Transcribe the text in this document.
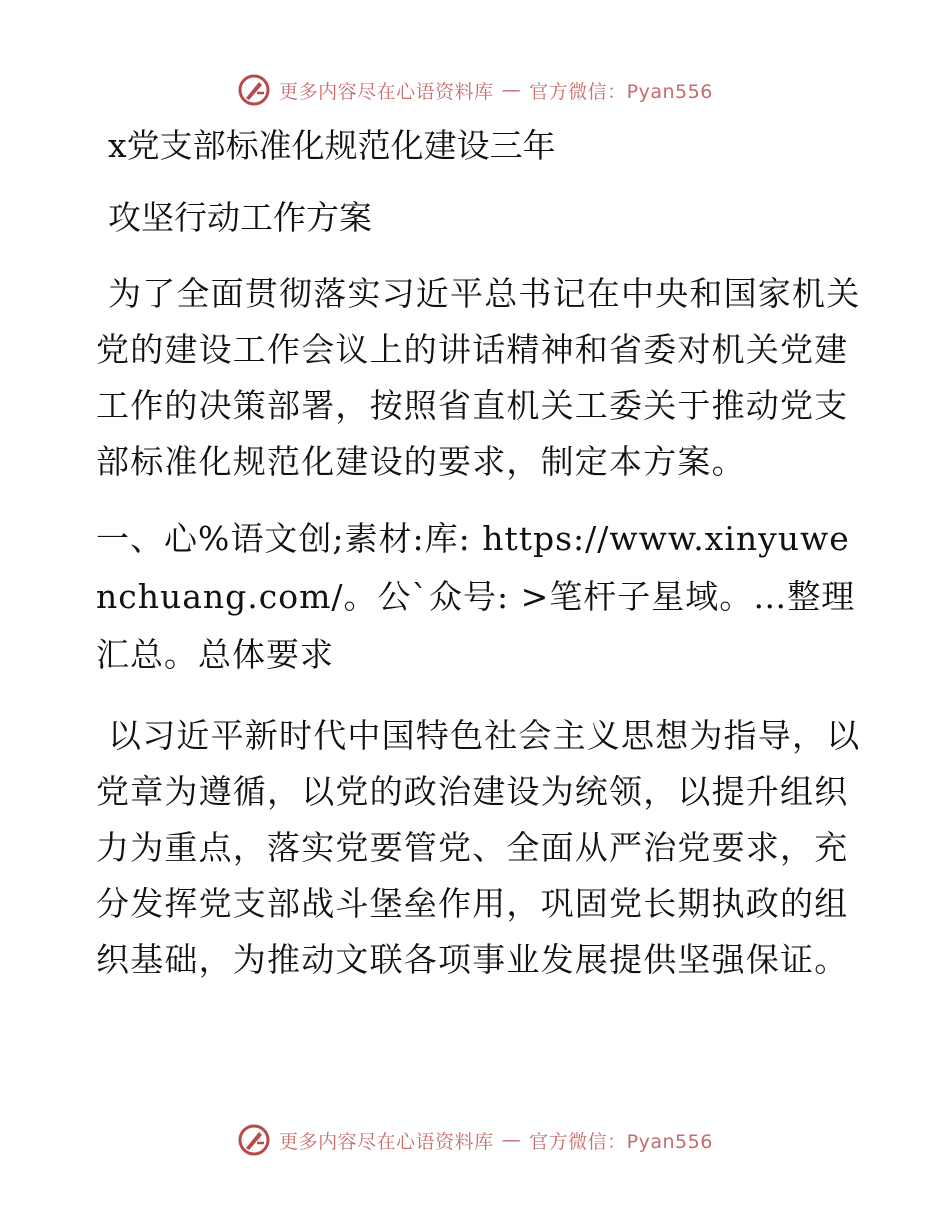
更多内容尽在心语资料库 — 官方微信：Pyan556

x党支部标准化规范化建设三年

攻坚行动工作方案

为了全面贯彻落实习近平总书记在中央和国家机关党的建设工作会议上的讲话精神和省委对机关党建工作的决策部署，按照省直机关工委关于推动党支部标准化规范化建设的要求，制定本方案。

一、心%语文创;素材:库: https://www.xinyuwenchuang.com/。公`众号: >笔杆子星域。…整理汇总。总体要求

以习近平新时代中国特色社会主义思想为指导，以党章为遵循，以党的政治建设为统领，以提升组织力为重点，落实党要管党、全面从严治党要求，充分发挥党支部战斗堡垒作用，巩固党长期执政的组织基础，为推动文联各项事业发展提供坚强保证。

更多内容尽在心语资料库 — 官方微信：Pyan556
